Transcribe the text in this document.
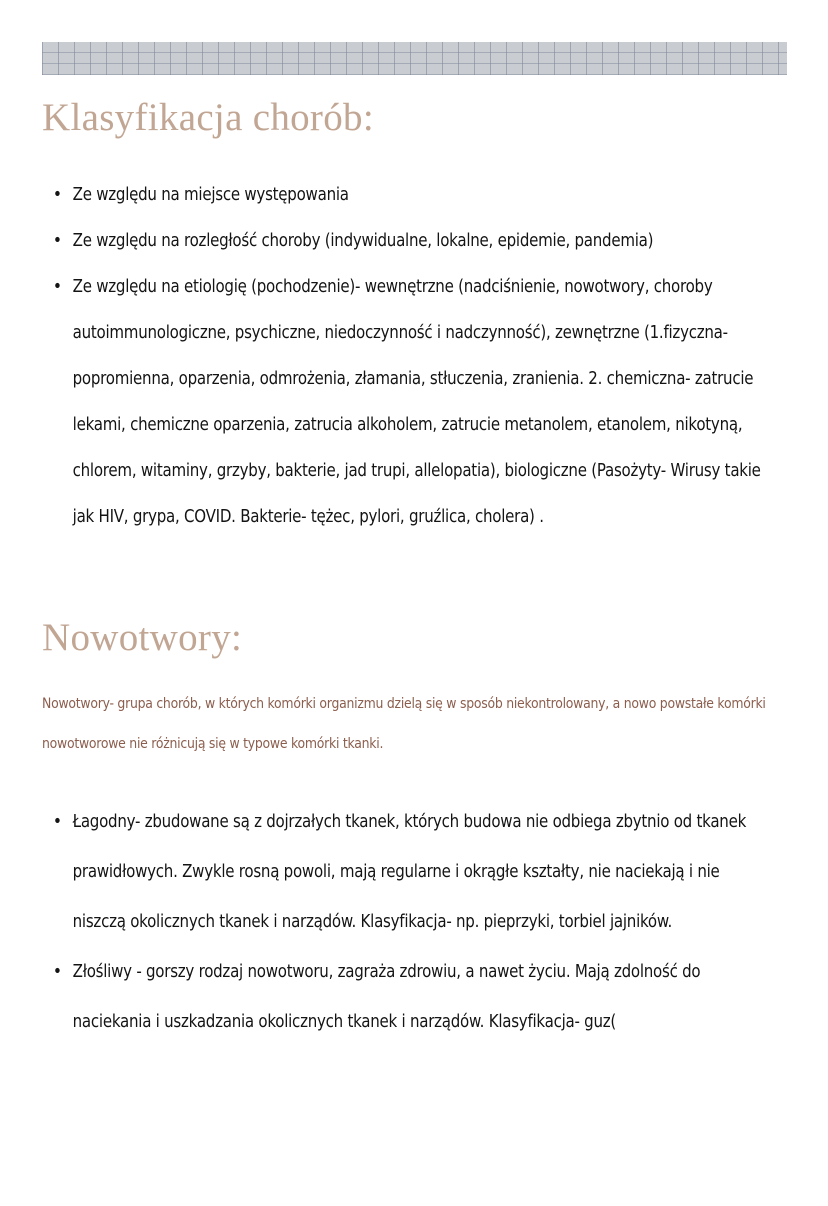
Klasyfikacja chorób:
• Ze względu na miejsce występowania
• Ze względu na rozległość choroby (indywidualne, lokalne, epidemie, pandemia)
• Ze względu na etiologię (pochodzenie)- wewnętrzne (nadciśnienie, nowotwory, choroby autoimmunologiczne, psychiczne, niedoczynność i nadczynność), zewnętrzne (1.fizyczna- popromienna, oparzenia, odmrożenia, złamania, stłuczenia, zranienia. 2. chemiczna- zatrucie lekami, chemiczne oparzenia, zatrucia alkoholem, zatrucie metanolem, etanolem, nikotyną, chlorem, witaminy, grzyby, bakterie, jad trupi, allelopatia), biologiczne (Pasożyty- Wirusy takie jak HIV, grypa, COVID. Bakterie- tężec, pylori, gruźlica, cholera) .
Nowotwory:
Nowotwory- grupa chorób, w których komórki organizmu dzielą się w sposób niekontrolowany, a nowo powstałe komórki nowotworowe nie różnicują się w typowe komórki tkanki.
• Łagodny- zbudowane są z dojrzałych tkanek, których budowa nie odbiega zbytnio od tkanek prawidłowych. Zwykle rosną powoli, mają regularne i okrągłe kształty, nie naciekają i nie niszczą okolicznych tkanek i narządów. Klasyfikacja- np. pieprzyki, torbiel jajników.
• Złośliwy - gorszy rodzaj nowotworu, zagraża zdrowiu, a nawet życiu. Mają zdolność do naciekania i uszkadzania okolicznych tkanek i narządów. Klasyfikacja- guz(
